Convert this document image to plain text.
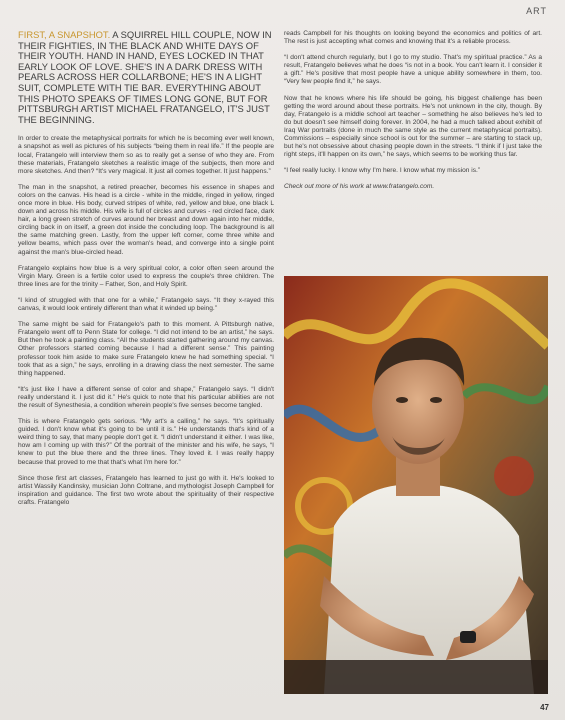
ART

FIRST, A SNAPSHOT. A SQUIRREL HILL COUPLE, NOW IN THEIR FIGHTIES, IN THE BLACK AND WHITE DAYS OF THEIR YOUTH. HAND IN HAND, EYES LOCKED IN THAT EARLY LOOK OF LOVE. SHE'S IN A DARK DRESS WITH PEARLS ACROSS HER COLLARBONE; HE'S IN A LIGHT SUIT, COMPLETE WITH TIE BAR. EVERYTHING ABOUT THIS PHOTO SPEAKS OF TIMES LONG GONE, BUT FOR PITTSBURGH ARTIST MICHAEL FRATANGELO, IT'S JUST THE BEGINNING.

In order to create the metaphysical portraits for which he is becoming ever well known, a snapshot as well as pictures of his subjects “being them in real life.” If the people are local, Fratangelo will interview them so as to really get a sense of who they are. From these materials, Fratangelo sketches a realistic image of the subjects, then more and more sketches. And then? “It's very magical. It just all comes together. It just happens.”

The man in the snapshot, a retired preacher, becomes his essence in shapes and colors on the canvas. His head is a circle - white in the middle, ringed in yellow, ringed once more in blue. His body, curved stripes of white, red, yellow and blue, one black L down and across his middle. His wife is full of circles and curves - red circled face, dark hair, a long green stretch of curves around her breast and down again into her middle, circling back in on itself, a green dot inside the concluding loop. The background is all the same matching green. Lastly, from the upper left corner, come three white and yellow beams, which pass over the woman's head, and converge into a single point against the man's blue-circled head.

Fratangelo explains how blue is a very spiritual color, a color often seen around the Virgin Mary. Green is a fertile color used to express the couple's three children. The three lines are for the trinity – Father, Son, and Holy Spirit.

“I kind of struggled with that one for a while,” Fratangelo says. “It they x-rayed this canvas, it would look entirely different than what it winded up being.”

The same might be said for Fratangelo's path to this moment. A Pittsburgh native, Fratangelo went off to Penn State for college. “I did not intend to be an artist,” he says. But then he took a painting class. “All the students started gathering around my canvas. Other professors started coming because I had a different sense.” This painting professor took him aside to make sure Fratangelo knew he had something special. “I took that as a sign,” he says, enrolling in a drawing class the next semester. The same thing happened.

“It's just like I have a different sense of color and shape,” Fratangelo says. “I didn't really understand it. I just did it.” He's quick to note that his particular abilities are not the result of Synesthesia, a condition wherein people's five senses become tangled.

This is where Fratangelo gets serious. “My art's a calling,” he says. “It's spiritually guided. I don't know what it's going to be until it is.” He understands that's kind of a weird thing to say, that many people don't get it. “I didn't understand it either. I was like, how am I coming up with this?” Of the portrait of the minister and his wife, he says, “I knew to put the blue there and the three lines. They loved it. I was really happy because that proved to me that that's what I'm here for.”

Since those first art classes, Fratangelo has learned to just go with it. He's looked to artist Wassily Kandinsky, musician John Coltrane, and mythologist Joseph Campbell for inspiration and guidance. The first two wrote about the spirituality of their respective crafts. Fratangelo

reads Campbell for his thoughts on looking beyond the economics and politics of art. The rest is just accepting what comes and knowing that it's a reliable process.

“I don't attend church regularly, but I go to my studio. That's my spiritual practice.” As a result, Fratangelo believes what he does “is not in a book. You can't learn it. I consider it a gift.” He's positive that most people have a unique ability somewhere in them, too. “Very few people find it,” he says.

Now that he knows where his life should be going, his biggest challenge has been getting the word around about these portraits. He's not unknown in the city, though. By day, Fratangelo is a middle school art teacher – something he also believes he's led to do but doesn't see himself doing forever. In 2004, he had a much talked about exhibit of Iraq War portraits (done in much the same style as the current metaphysical portraits). Commissions – especially since school is out for the summer – are starting to stack up, but he's not obsessive about chasing people down in the streets. “I think if I just take the right steps, it'll happen on its own,” he says, which seems to be working thus far.

“I feel really lucky. I know why I'm here. I know what my mission is.”

Check out more of his work at www.fratangelo.com.

47
